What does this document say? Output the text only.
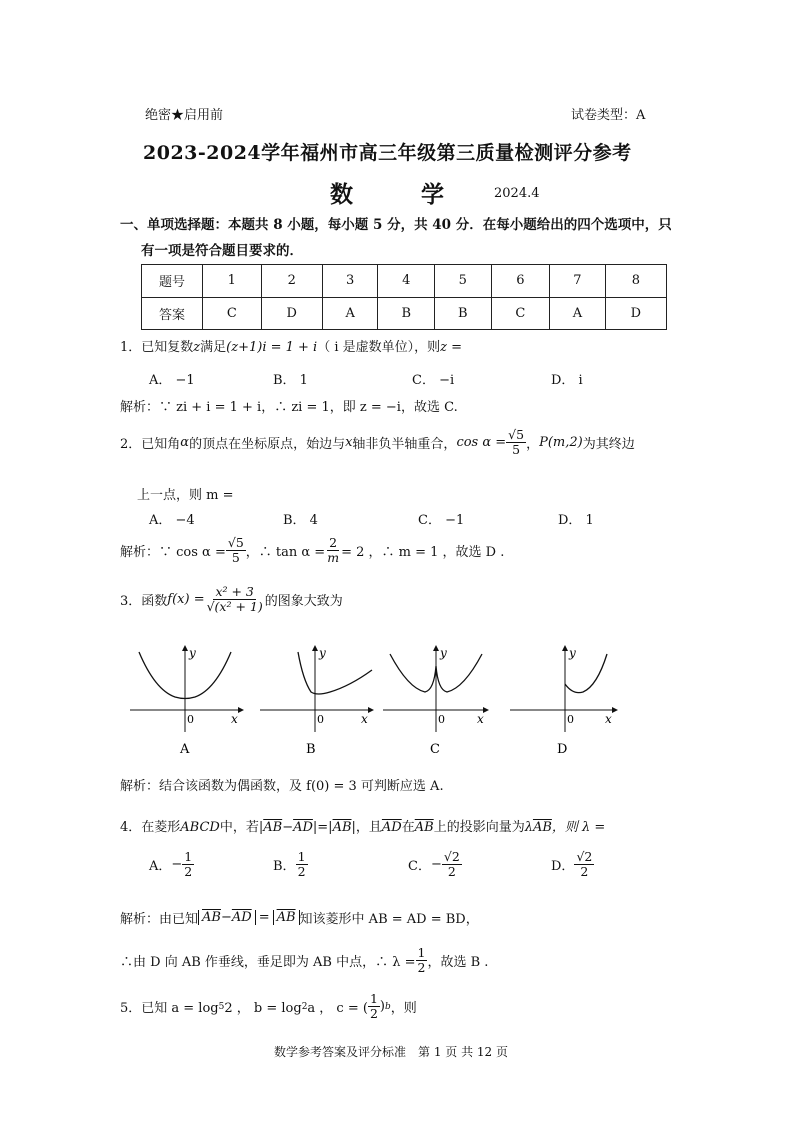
绝密★启用前	试卷类型：A
2023-2024学年福州市高三年级第三质量检测评分参考
数 学 2024.4
一、单项选择题：本题共 8 小题，每小题 5 分，共 40 分．在每小题给出的四个选项中，只
有一项是符合题目要求的．
题号	1	2	3	4	5	6	7	8
答案	C	D	A	B	B	C	A	D
1．已知复数z满足(z+1)i = 1 + i（ i 是虚数单位），则z =
A． −1	B． 1	C． −i	D． i
解析：∵ zi + i = 1 + i，∴ zi = 1，即 z = −i，故选 C.
2．已知角 α 的顶点在坐标原点，始边与 x 轴非负半轴重合， $\cos \alpha = \frac{√5}{5}$ ， P(m,2) 为其终边
上一点，则 m =
A． −4	B． 4	C． −1	D． 1
解析：∵ $\cos \alpha = \frac{√5}{5}$ ，∴ $\tan \alpha = \frac{2}{m} = 2$ ，∴ m = 1 ，故选 D .
3．函数 $f(x) = \frac{\text{x² + 3}}{\text{√(x² + 1)}}$ 的图象大致为
y
x
0
y
x
0
y
x
0
y
x
0
A	B	C	D
解析：结合该函数为偶函数，及 f(0) = 3 可判断应选 A.
4．在菱形ABCD中，若$|\overline{AB}-\overline{AD}|=|\overline{AB}|$，且$\overline{AD}$在$\overline{AB}$上的投影向量为$\lambda\overline{AB}$，则 λ =
A． − $\frac{1}{2}$	B． $\frac{1}{2}$	C． − $\frac{√2}{2}$	D． $\frac{√2}{2}$
解析：由已知 $\overline{AB}-\overline{AD} = \overline{AB}$ 知该菱形中 AB = AD = BD，
∴由 D 向 AB 作垂线，垂足即为 AB 中点，∴ $\lambda = \frac{1}{2}$ ，故选 B .
5．已知 a = log 5 2 ， b = log 2 a ， c = ( $\frac{1}{2}$ ) b ，则
数学参考答案及评分标准　第 1 页 共 12 页
